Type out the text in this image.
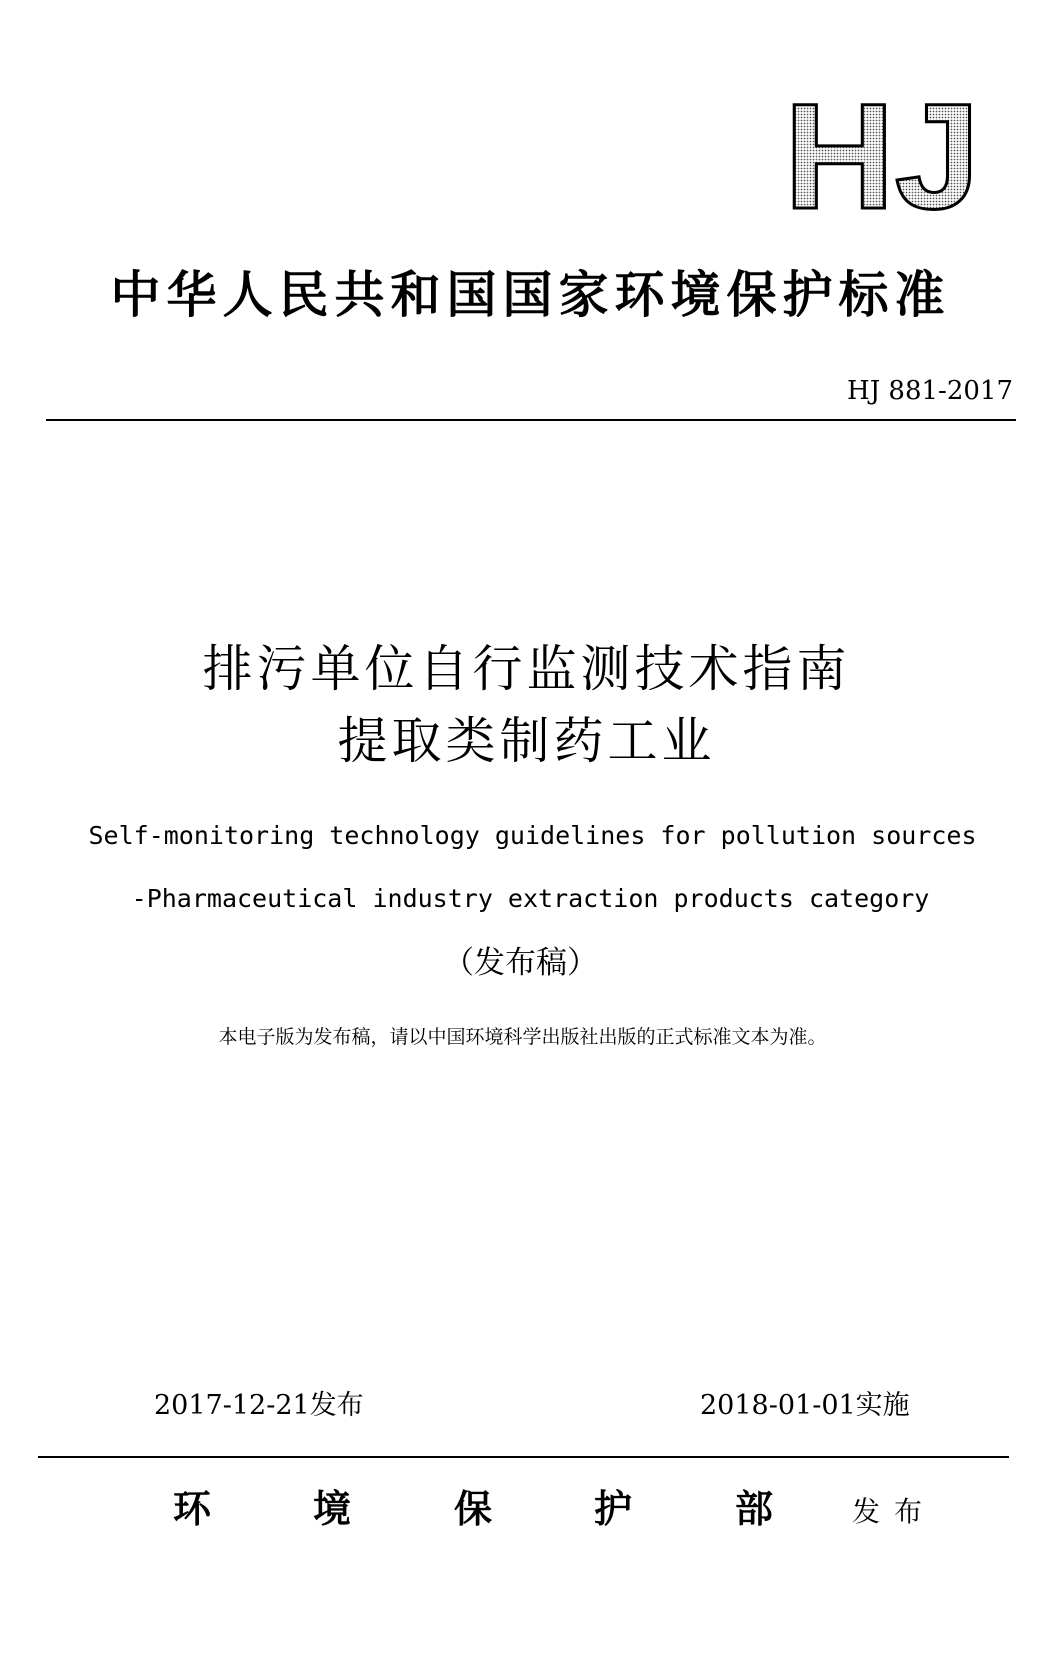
HJ
中华人民共和国国家环境保护标准
HJ 881-2017
排污单位自行监测技术指南
提取类制药工业
Self-monitoring technology guidelines for pollution sources
-Pharmaceutical industry extraction products category
（发布稿）
本电子版为发布稿，请以中国环境科学出版社出版的正式标准文本为准。
2017-12-21发布	2018-01-01实施
环	境	保	护	部	发布
